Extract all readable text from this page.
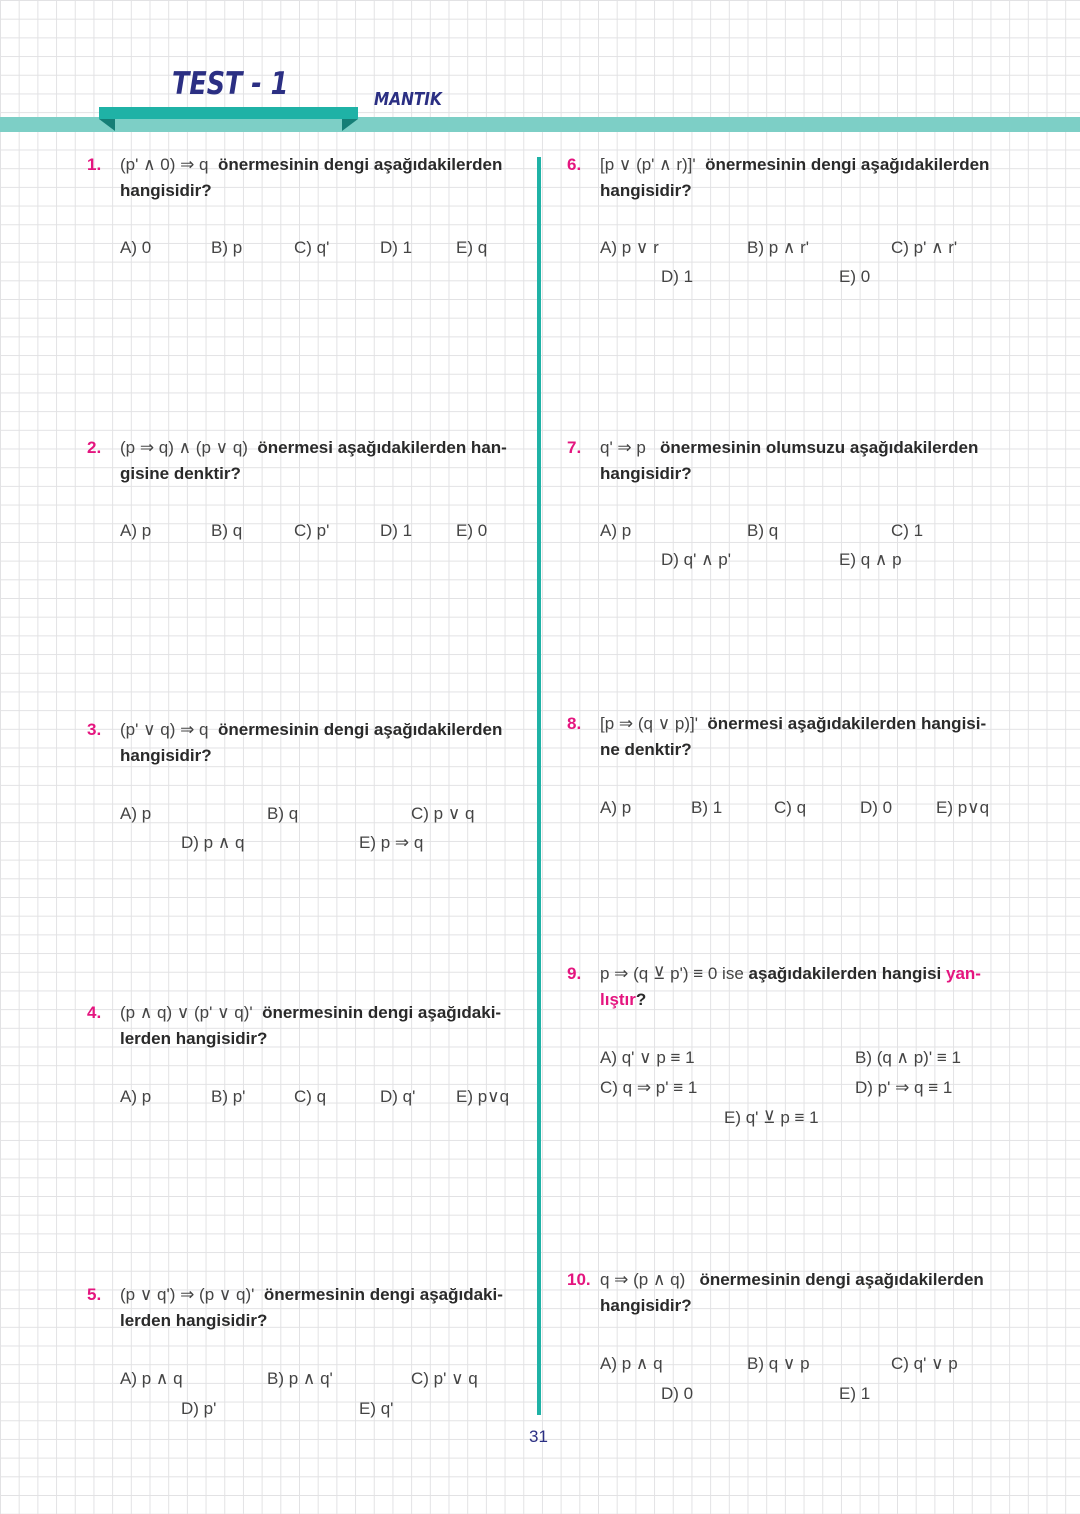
TEST - 1	MANTIK
1. (p' ∧ 0) ⇒ q önermesinin dengi aşağıdakilerden
hangisidir?
A) 0	B) p	C) q'	D) 1	E) q
2. (p ⇒ q) ∧ (p ∨ q) önermesi aşağıdakilerden han-
gisine denktir?
A) p	B) q	C) p'	D) 1	E) 0
3. (p' ∨ q) ⇒ q önermesinin dengi aşağıdakilerden
hangisidir?
A) p	B) q	C) p ∨ q
D) p ∧ q	E) p ⇒ q
4. (p ∧ q) ∨ (p' ∨ q)' önermesinin dengi aşağıdaki-
lerden hangisidir?
A) p	B) p'	C) q	D) q' E) p∨q
5. (p ∨ q') ⇒ (p ∨ q)' önermesinin dengi aşağıdaki-
lerden hangisidir?
A) p ∧ q	B) p ∧ q'	C) p' ∨ q
D) p'	E) q'
6. [p ∨ (p' ∧ r)]' önermesinin dengi aşağıdakilerden
hangisidir?
A) p ∨ r	B) p ∧ r'	C) p' ∧ r'
D) 1	E) 0
7. q' ⇒ p önermesinin olumsuzu aşağıdakilerden
hangisidir?
A) p	B) q	C) 1
D) q' ∧ p'	E) q ∧ p
8. [p ⇒ (q ∨ p)]' önermesi aşağıdakilerden hangisi-
ne denktir?
A) p	B) 1	C) q	D) 0	E) p∨q
9. p ⇒ (q ⊻ p') ≡ 0 ise aşağıdakilerden hangisi yan-
lıştır?
A) q' ∨ p ≡ 1	B) (q ∧ p)' ≡ 1
C) q ⇒ p' ≡ 1	D) p' ⇒ q ≡ 1
E) q' ⊻ p ≡ 1
10. q ⇒ (p ∧ q) önermesinin dengi aşağıdakilerden
hangisidir?
A) p ∧ q	B) q ∨ p	C) q' ∨ p
D) 0	E) 1
31
